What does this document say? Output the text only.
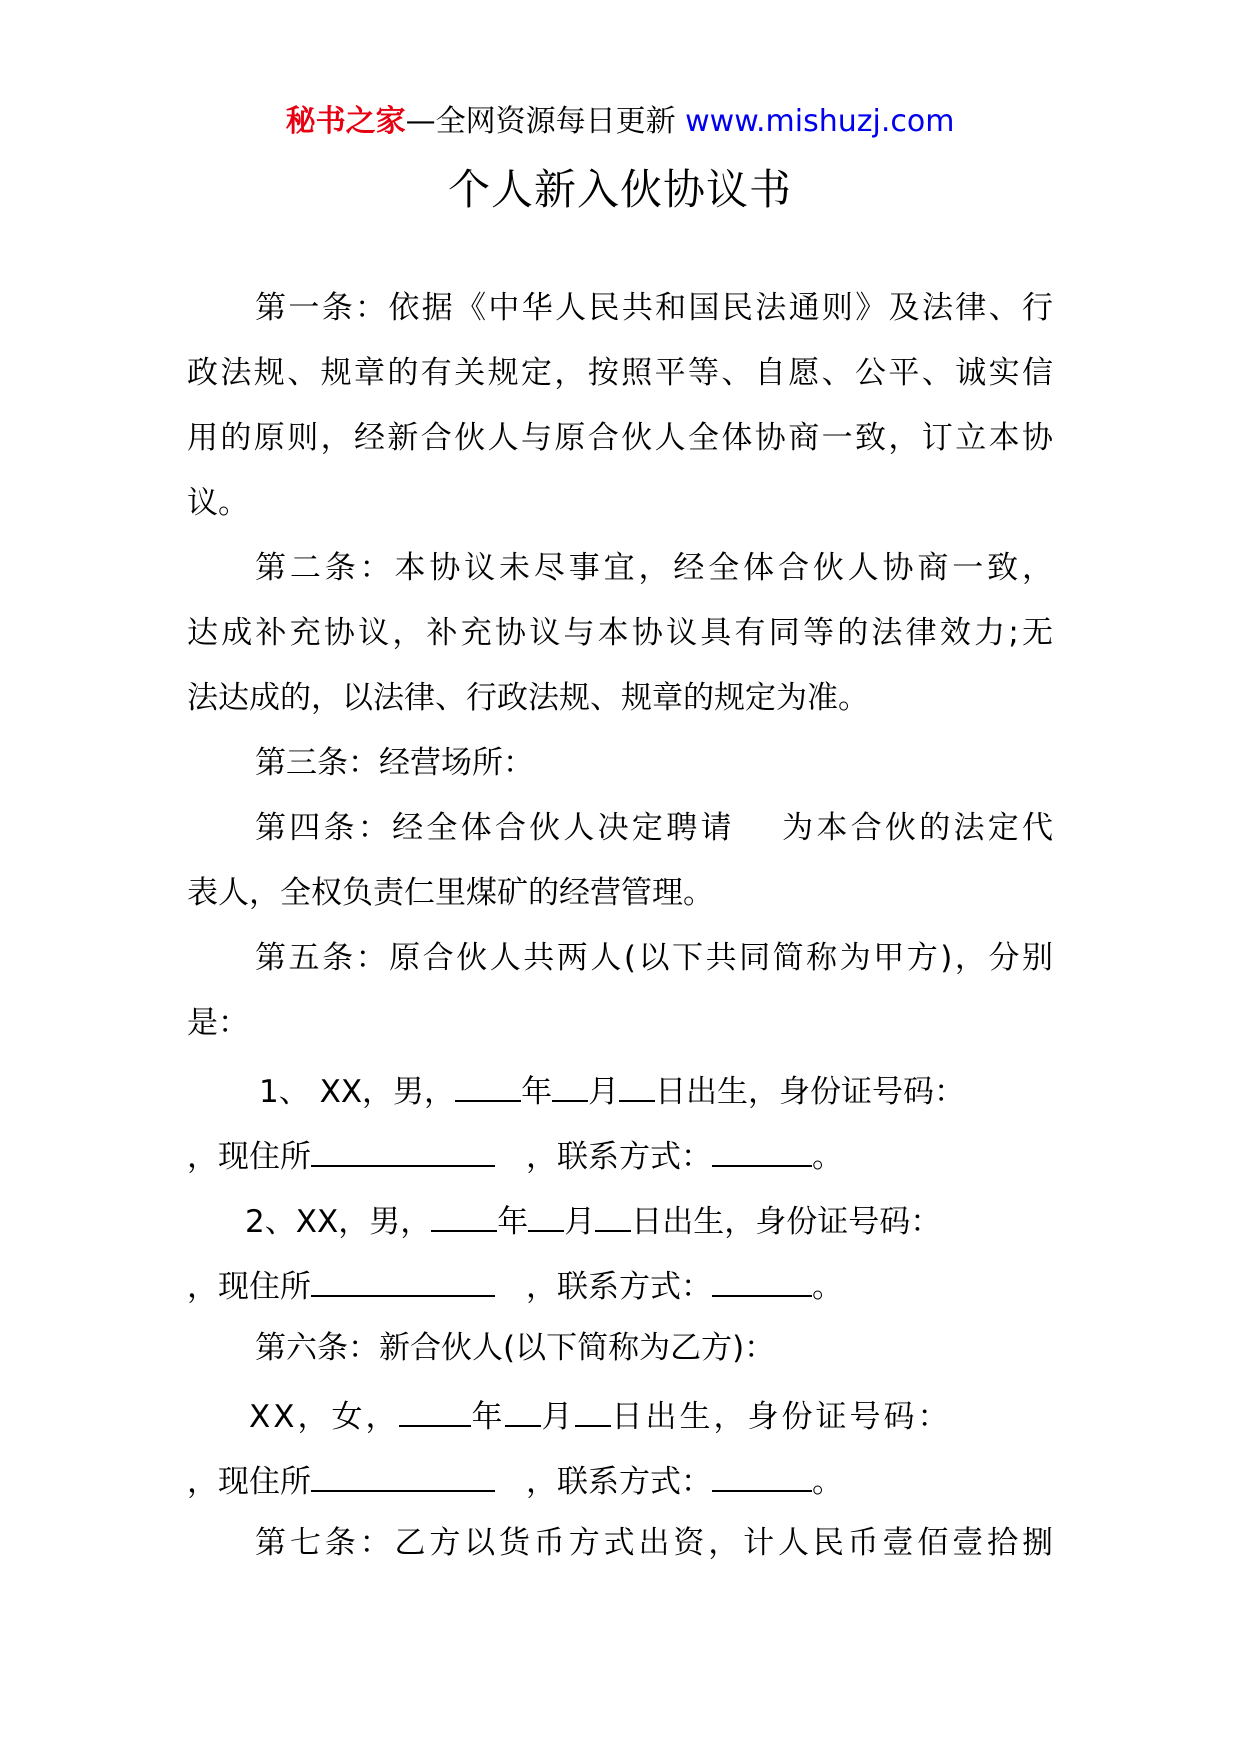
秘书之家—全网资源每日更新 www.mishuzj.com
个人新入伙协议书
第一条：依据《中华人民共和国民法通则》及法律、行
政法规、规章的有关规定，按照平等、自愿、公平、诚实信
用的原则，经新合伙人与原合伙人全体协商一致，订立本协
议。
第二条：本协议未尽事宜，经全体合伙人协商一致，
达成补充协议，补充协议与本协议具有同等的法律效力;无
法达成的，以法律、行政法规、规章的规定为准。
第三条：经营场所：
第四条：经全体合伙人决定聘请　 为本合伙的法定代
表人，全权负责仁里煤矿的经营管理。
第五条：原合伙人共两人(以下共同简称为甲方)，分别
是：
1、 XX，男， 年 月 日出生，身份证号码：
，现住所　	，联系方式：	。
2、XX，男， 年 月 日出生，身份证号码：
，现住所　	，联系方式：	。
第六条：新合伙人(以下简称为乙方)：
XX，女， 年 月 日出生，身份证号码：
，现住所　	，联系方式：	。
第七条：乙方以货币方式出资，计人民币壹佰壹拾捌
